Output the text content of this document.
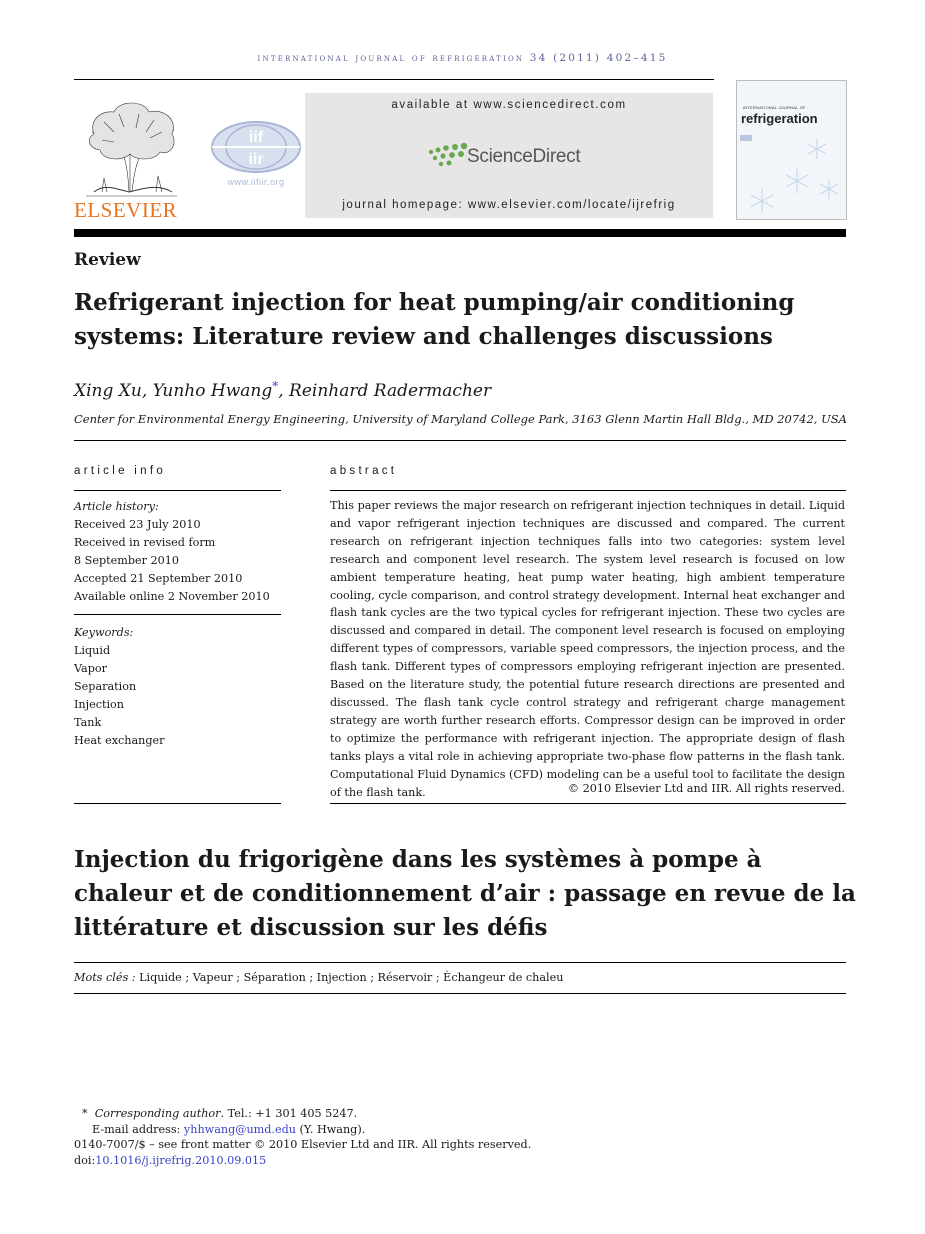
international journal of refrigeration 34 (2011) 402–415
ELSEVIER
iif
iir
www.iifiir.org
available at www.sciencedirect.com
ScienceDirect
journal homepage: www.elsevier.com/locate/ijrefrig
INTERNATIONAL JOURNAL OF
refrigeration
Review
Refrigerant injection for heat pumping/air conditioning systems: Literature review and challenges discussions
Xing Xu, Yunho Hwang*, Reinhard Radermacher
Center for Environmental Energy Engineering, University of Maryland College Park, 3163 Glenn Martin Hall Bldg., MD 20742, USA
article info	abstract
Article history:
Received 23 July 2010
Received in revised form
8 September 2010
Accepted 21 September 2010
Available online 2 November 2010
Keywords:
Liquid
Vapor
Separation
Injection
Tank
Heat exchanger
This paper reviews the major research on refrigerant injection techniques in detail. Liquid and vapor refrigerant injection techniques are discussed and compared. The current research on refrigerant injection techniques falls into two categories: system level research and component level research. The system level research is focused on low ambient temperature heating, heat pump water heating, high ambient temperature cooling, cycle comparison, and control strategy development. Internal heat exchanger and flash tank cycles are the two typical cycles for refrigerant injection. These two cycles are discussed and compared in detail. The component level research is focused on employing different types of compressors, variable speed compressors, the injection process, and the flash tank. Different types of compressors employing refrigerant injection are presented. Based on the literature study, the potential future research directions are presented and discussed. The flash tank cycle control strategy and refrigerant charge management strategy are worth further research efforts. Compressor design can be improved in order to optimize the performance with refrigerant injection. The appropriate design of flash tanks plays a vital role in achieving appropriate two-phase flow patterns in the flash tank. Computational Fluid Dynamics (CFD) modeling can be a useful tool to facilitate the design of the flash tank.	© 2010 Elsevier Ltd and IIR. All rights reserved.
Injection du frigorigène dans les systèmes à pompe à chaleur et de conditionnement d’air : passage en revue de la littérature et discussion sur les défis
Mots clés : Liquide ; Vapeur ; Séparation ; Injection ; Réservoir ; Èchangeur de chaleu
* Corresponding author. Tel.: +1 301 405 5247.
E-mail address: yhhwang@umd.edu (Y. Hwang).
0140-7007/$ – see front matter © 2010 Elsevier Ltd and IIR. All rights reserved.
doi:10.1016/j.ijrefrig.2010.09.015
